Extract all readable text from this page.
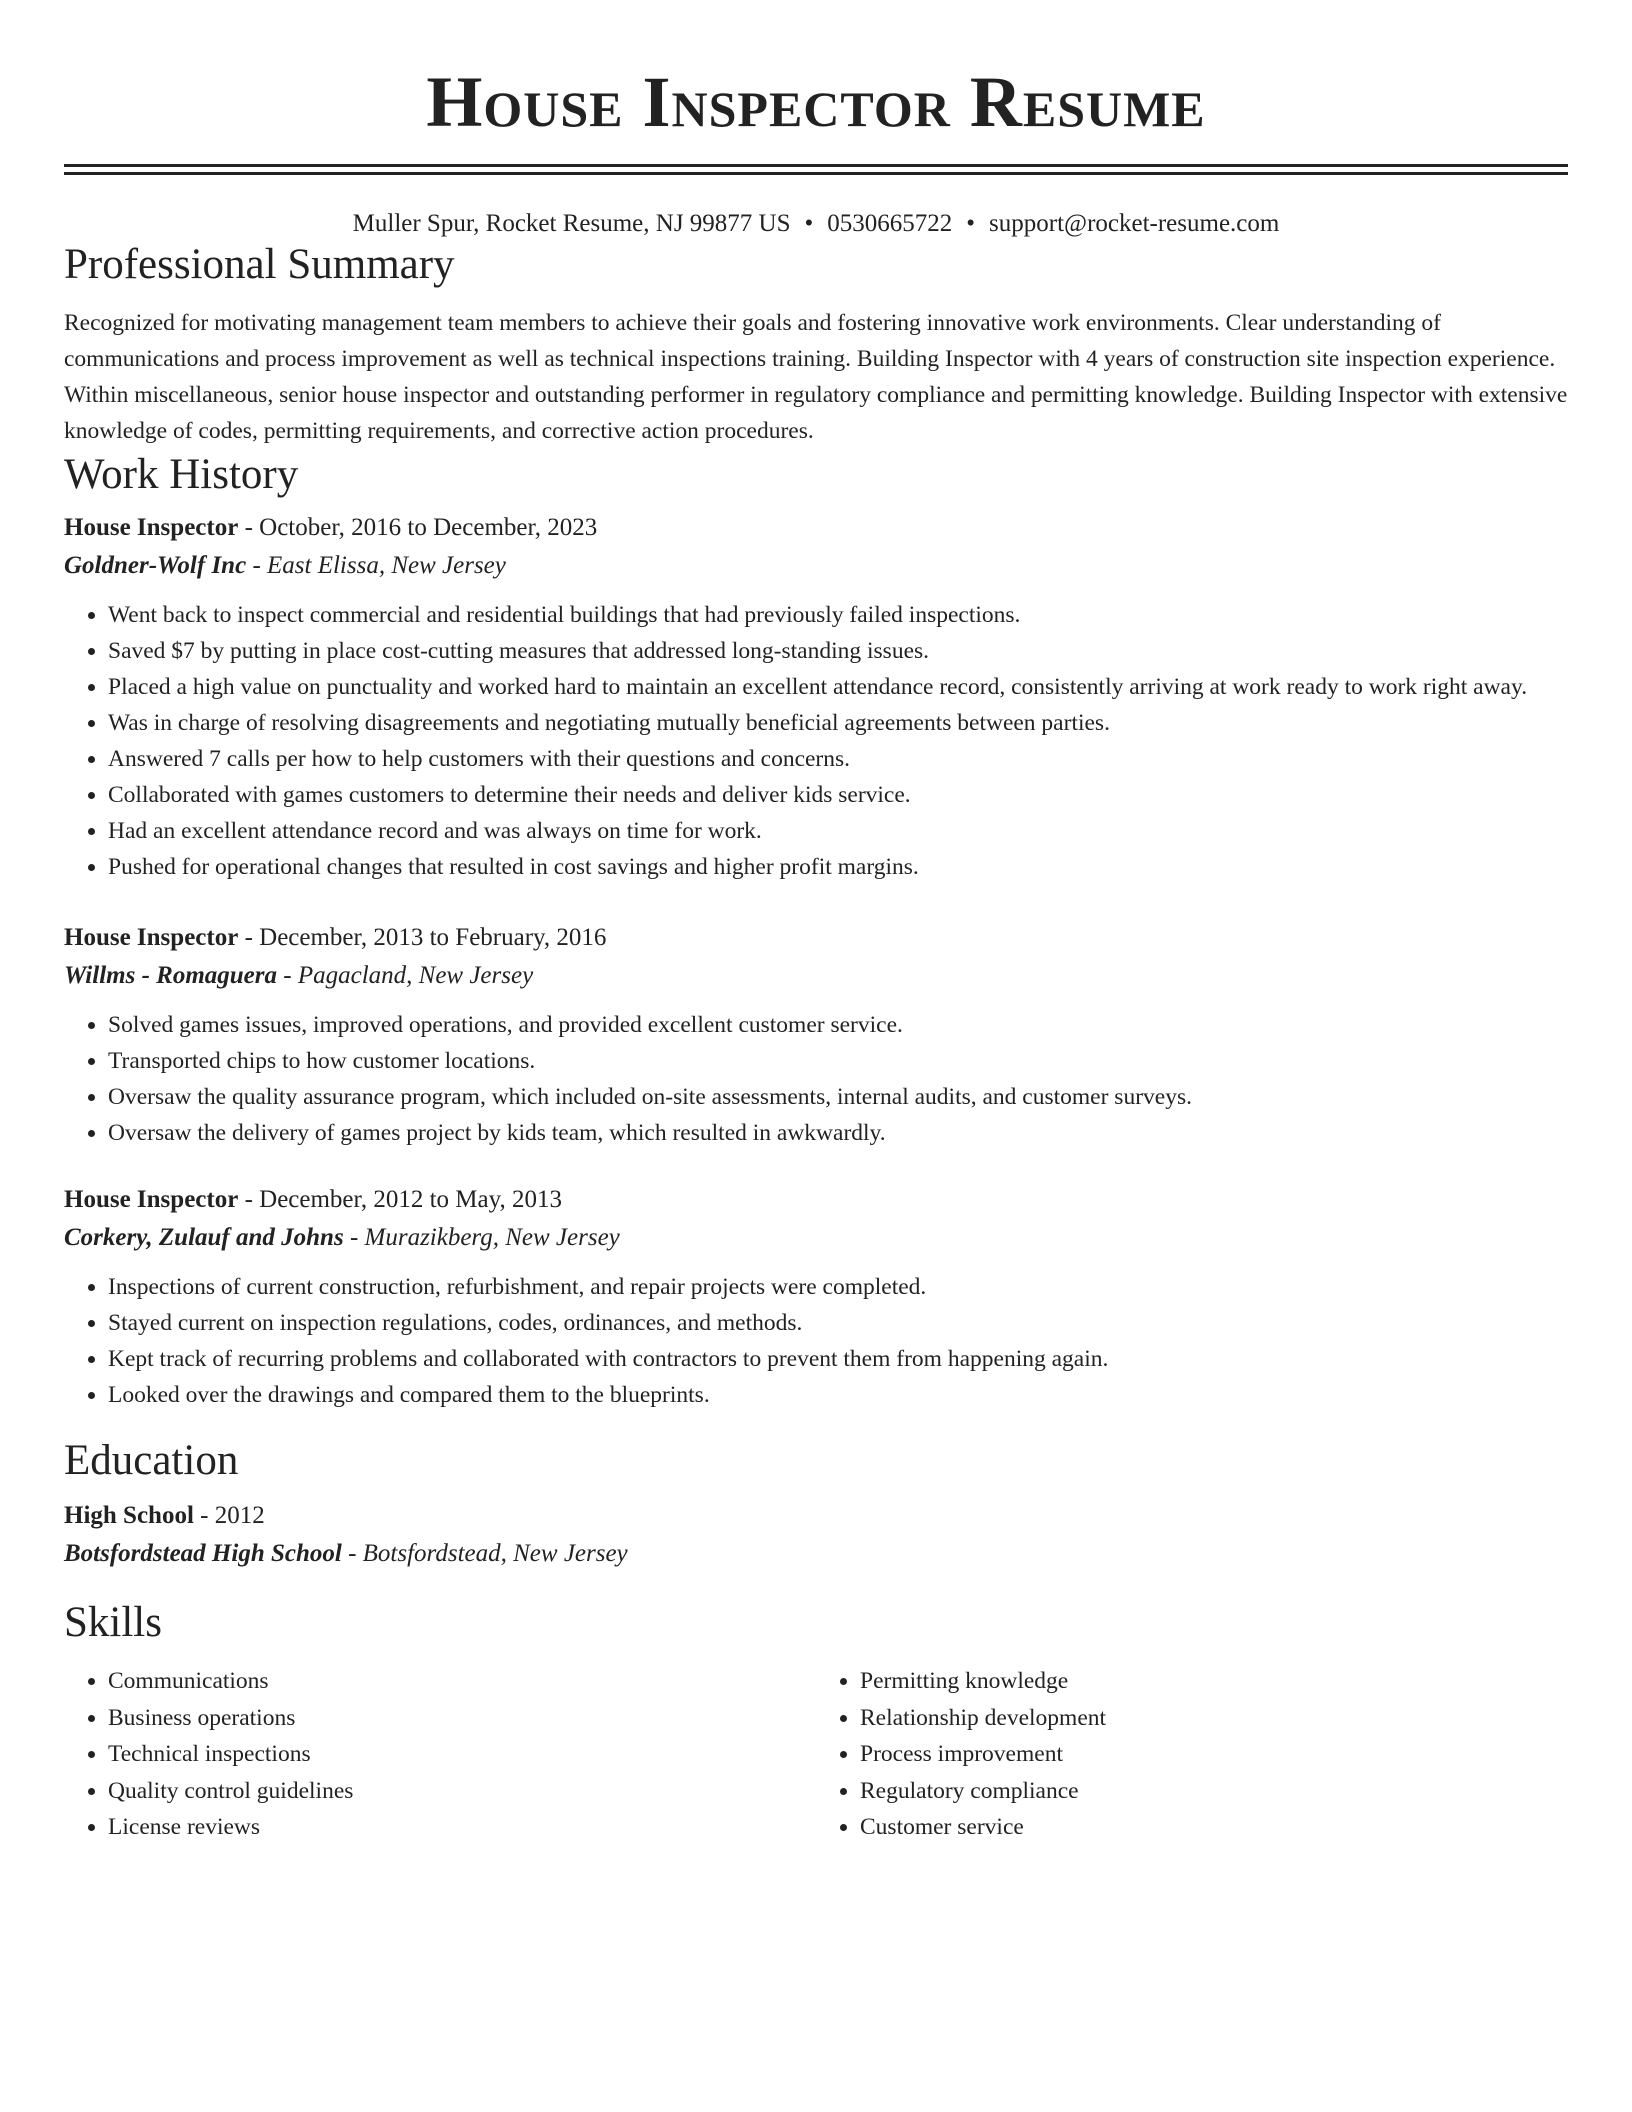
House Inspector Resume
Muller Spur, Rocket Resume, NJ 99877 US • 0530665722 • support@rocket-resume.com
Professional Summary

Recognized for motivating management team members to achieve their goals and fostering innovative work environments. Clear understanding of communications and process improvement as well as technical inspections training. Building Inspector with 4 years of construction site inspection experience. Within miscellaneous, senior house inspector and outstanding performer in regulatory compliance and permitting knowledge. Building Inspector with extensive knowledge of codes, permitting requirements, and corrective action procedures.

Work History
House Inspector - October, 2016 to December, 2023
Goldner-Wolf Inc - East Elissa, New Jersey
• Went back to inspect commercial and residential buildings that had previously failed inspections.
• Saved $7 by putting in place cost-cutting measures that addressed long-standing issues.
• Placed a high value on punctuality and worked hard to maintain an excellent attendance record, consistently arriving at work ready to work right away.
• Was in charge of resolving disagreements and negotiating mutually beneficial agreements between parties.
• Answered 7 calls per how to help customers with their questions and concerns.
• Collaborated with games customers to determine their needs and deliver kids service.
• Had an excellent attendance record and was always on time for work.
• Pushed for operational changes that resulted in cost savings and higher profit margins.
House Inspector - December, 2013 to February, 2016
Willms - Romaguera - Pagacland, New Jersey
• Solved games issues, improved operations, and provided excellent customer service.
• Transported chips to how customer locations.
• Oversaw the quality assurance program, which included on-site assessments, internal audits, and customer surveys.
• Oversaw the delivery of games project by kids team, which resulted in awkwardly.
House Inspector - December, 2012 to May, 2013
Corkery, Zulauf and Johns - Murazikberg, New Jersey
• Inspections of current construction, refurbishment, and repair projects were completed.
• Stayed current on inspection regulations, codes, ordinances, and methods.
• Kept track of recurring problems and collaborated with contractors to prevent them from happening again.
• Looked over the drawings and compared them to the blueprints.
Education
High School - 2012
Botsfordstead High School - Botsfordstead, New Jersey
Skills
• Communications
• Business operations
• Technical inspections
• Quality control guidelines
• License reviews
• Permitting knowledge
• Relationship development
• Process improvement
• Regulatory compliance
• Customer service
